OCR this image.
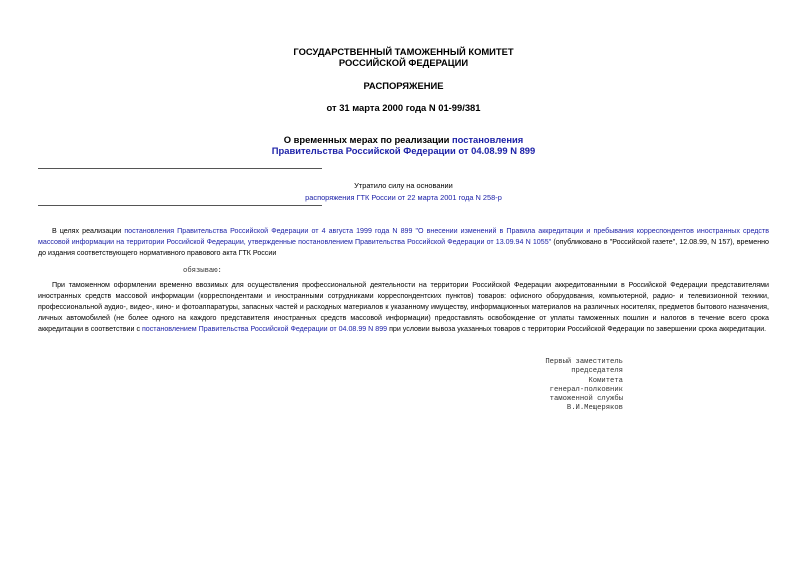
ГОСУДАРСТВЕННЫЙ ТАМОЖЕННЫЙ КОМИТЕТ
РОССИЙСКОЙ ФЕДЕРАЦИИ
РАСПОРЯЖЕНИЕ
от 31 марта 2000 года N 01-99/381
О временных мерах по реализации постановления
Правительства Российской Федерации от 04.08.99 N 899
Утратило силу на основании
распоряжения ГТК России от 22 марта 2001 года N 258-р
В целях реализации постановления Правительства Российской Федерации от 4 августа 1999 года N 899 "О внесении изменений в Правила аккредитации и пребывания корреспондентов иностранных средств массовой информации на территории Российской Федерации, утвержденные постановлением Правительства Российской Федерации от 13.09.94 N 1055" (опубликовано в "Российской газете", 12.08.99, N 157), временно до издания соответствующего нормативного правового акта ГТК России
обязываю:
При таможенном оформлении временно ввозимых для осуществления профессиональной деятельности на территории Российской Федерации аккредитованными в Российской Федерации представителями иностранных средств массовой информации (корреспондентами и иностранными сотрудниками корреспондентских пунктов) товаров: офисного оборудования, компьютерной, радио- и телевизионной техники, профессиональной аудио-, видео-, кино- и фотоаппаратуры, запасных частей и расходных материалов к указанному имуществу, информационных материалов на различных носителях, предметов бытового назначения, личных автомобилей (не более одного на каждого представителя иностранных средств массовой информации) предоставлять освобождение от уплаты таможенных пошлин и налогов в течение всего срока аккредитации в соответствии с постановлением Правительства Российской Федерации от 04.08.99 N 899 при условии вывоза указанных товаров с территории Российской Федерации по завершении срока аккредитации.
Первый заместитель
председателя Комитета
генерал-полковник
таможенной службы
В.И.Мещеряков
